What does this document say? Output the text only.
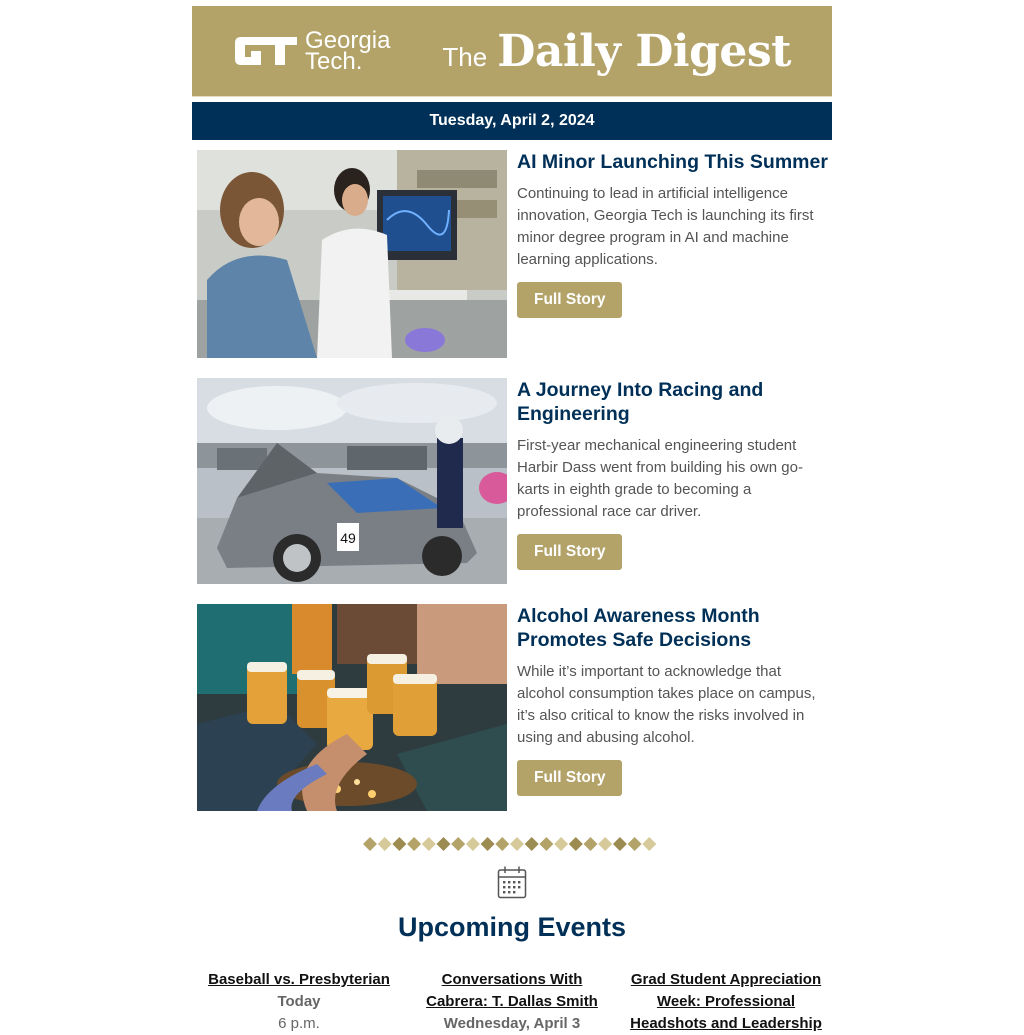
Georgia
Tech.	The Daily Digest
Tuesday, April 2, 2024
AI Minor Launching This Summer

Continuing to lead in artificial intelligence innovation, Georgia Tech is launching its first minor degree program in AI and machine learning applications.

Full Story
49
A Journey Into Racing and Engineering

First-year mechanical engineering student Harbir Dass went from building his own go-karts in eighth grade to becoming a professional race car driver.

Full Story
Alcohol Awareness Month Promotes Safe Decisions

While it’s important to acknowledge that alcohol consumption takes place on campus, it’s also critical to know the risks involved in using and abusing alcohol.

Full Story
Upcoming Events
Baseball vs. Presbyterian
Today
6 p.m.
Conversations With Cabrera: T. Dallas Smith
Wednesday, April 3
Grad Student Appreciation Week: Professional Headshots and Leadership
